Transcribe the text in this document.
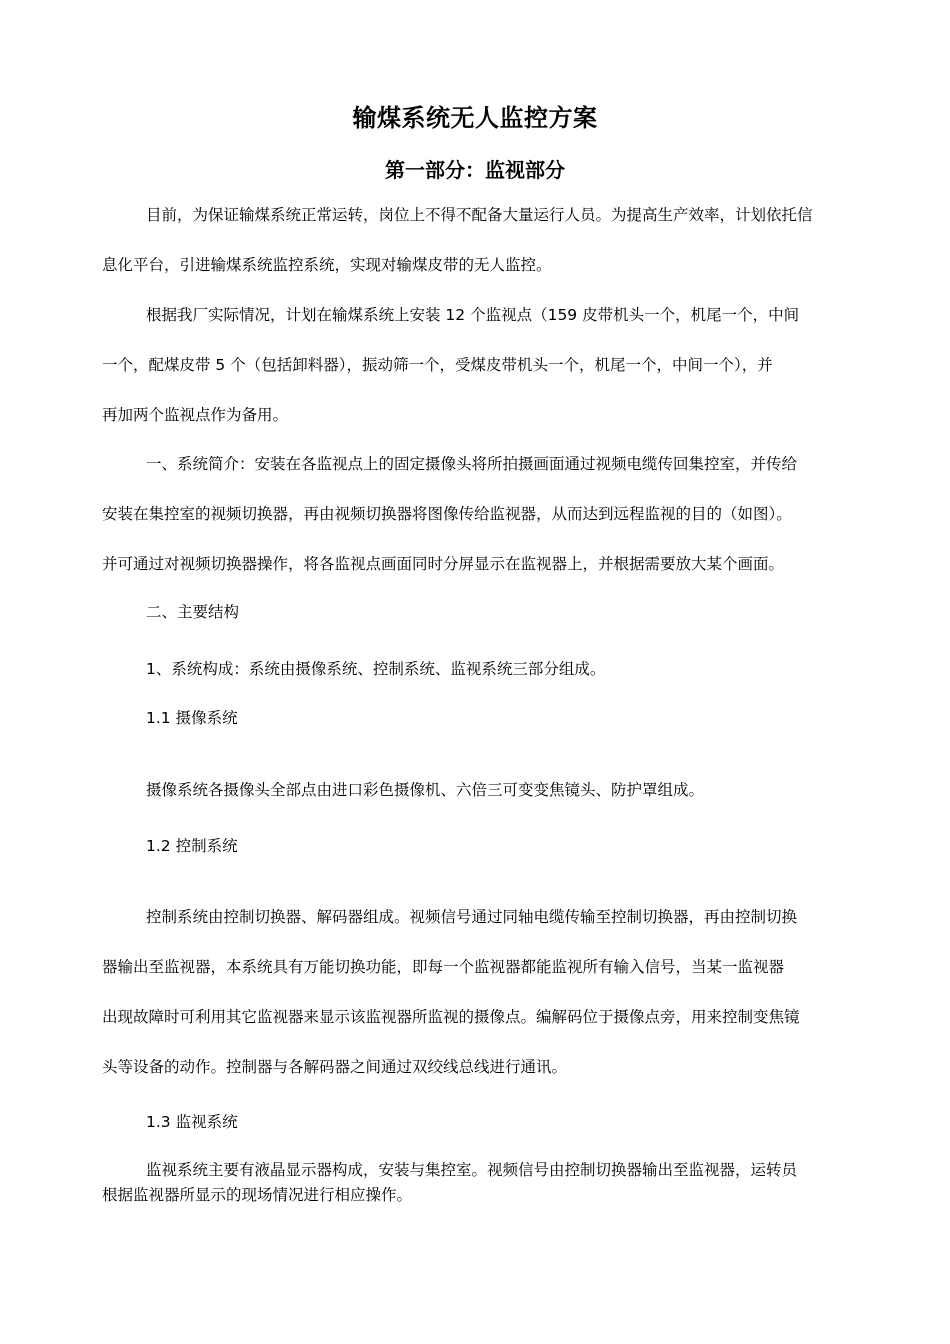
输煤系统无人监控方案
第一部分：监视部分
目前，为保证输煤系统正常运转，岗位上不得不配备大量运行人员。为提高生产效率，计划依托信
息化平台，引进输煤系统监控系统，实现对输煤皮带的无人监控。
根据我厂实际情况，计划在输煤系统上安装 12 个监视点（159 皮带机头一个，机尾一个，中间
一个，配煤皮带 5 个（包括卸料器），振动筛一个，受煤皮带机头一个，机尾一个，中间一个），并
再加两个监视点作为备用。
一、系统简介：安装在各监视点上的固定摄像头将所拍摄画面通过视频电缆传回集控室，并传给
安装在集控室的视频切换器，再由视频切换器将图像传给监视器，从而达到远程监视的目的（如图）。
并可通过对视频切换器操作，将各监视点画面同时分屏显示在监视器上，并根据需要放大某个画面。
二、主要结构
1、系统构成：系统由摄像系统、控制系统、监视系统三部分组成。
1.1 摄像系统
摄像系统各摄像头全部点由进口彩色摄像机、六倍三可变变焦镜头、防护罩组成。
1.2 控制系统
控制系统由控制切换器、解码器组成。视频信号通过同轴电缆传输至控制切换器，再由控制切换
器输出至监视器，本系统具有万能切换功能，即每一个监视器都能监视所有输入信号，当某一监视器
出现故障时可利用其它监视器来显示该监视器所监视的摄像点。编解码位于摄像点旁，用来控制变焦镜
头等设备的动作。控制器与各解码器之间通过双绞线总线进行通讯。
1.3 监视系统
监视系统主要有液晶显示器构成，安装与集控室。视频信号由控制切换器输出至监视器，运转员
根据监视器所显示的现场情况进行相应操作。
